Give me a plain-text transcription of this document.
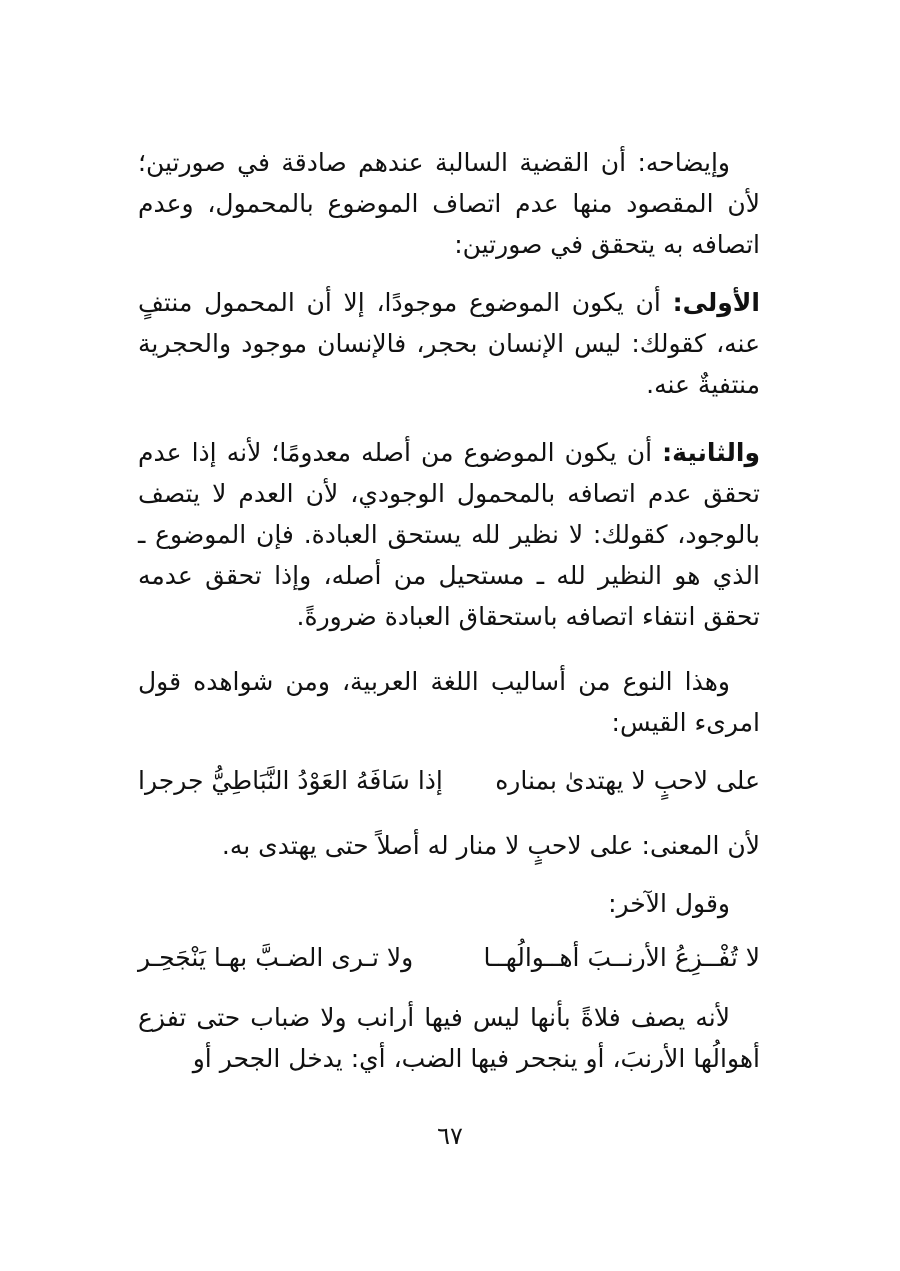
وإيضاحه: أن القضية السالبة عندهم صادقة في صورتين؛ لأن المقصود منها عدم اتصاف الموضوع بالمحمول، وعدم اتصافه به يتحقق في صورتين:

الأولى: أن يكون الموضوع موجودًا، إلا أن المحمول منتفٍ عنه، كقولك: ليس الإنسان بحجر، فالإنسان موجود والحجرية منتفيةٌ عنه.

والثانية: أن يكون الموضوع من أصله معدومًا؛ لأنه إذا عدم تحقق عدم اتصافه بالمحمول الوجودي، لأن العدم لا يتصف بالوجود، كقولك: لا نظير لله يستحق العبادة. فإن الموضوع ـ الذي هو النظير لله ـ مستحيل من أصله، وإذا تحقق عدمه تحقق انتفاء اتصافه باستحقاق العبادة ضرورةً.

وهذا النوع من أساليب اللغة العربية، ومن شواهده قول امرىء القيس:

على لاحبٍ لا يهتدىٰ بمناره
إذا سَافَهُ العَوْدُ النَّبَاطِيُّ جرجرا
لأن المعنى: على لاحبٍ لا منار له أصلاً حتى يهتدى به.
وقول الآخر:
لا تُفْــزِعُ الأرنــبَ أهــوالُهــا
ولا تـرى الضـبَّ بهـا يَنْجَحِـر

لأنه يصف فلاةً بأنها ليس فيها أرانب ولا ضباب حتى تفزع أهوالُها الأرنبَ، أو ينجحر فيها الضب، أي: يدخل الجحر أو

٦٧
